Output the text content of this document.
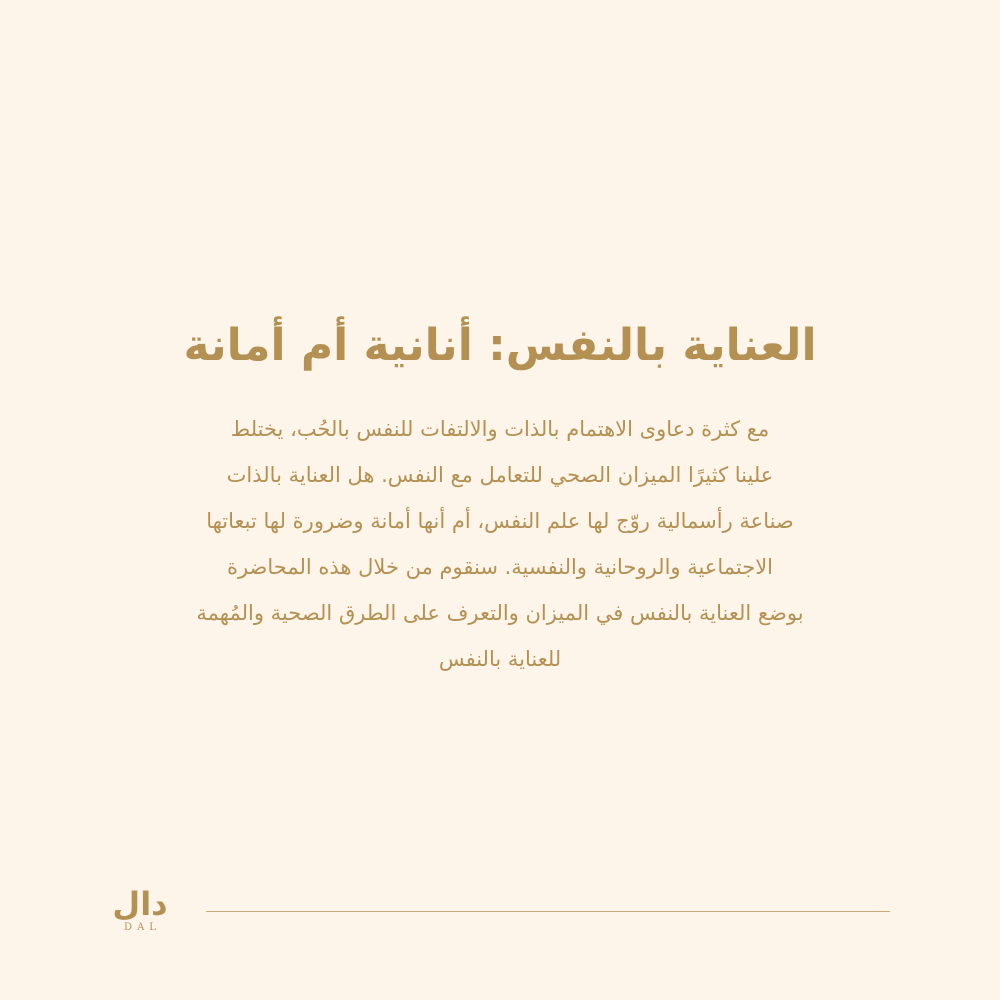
العناية بالنفس: أنانية أم أمانة

مع كثرة دعاوى الاهتمام بالذات والالتفات للنفس بالحُب، يختلط
علينا كثيرًا الميزان الصحي للتعامل مع النفس. هل العناية بالذات
صناعة رأسمالية روّج لها علم النفس، أم أنها أمانة وضرورة لها تبعاتها
الاجتماعية والروحانية والنفسية. سنقوم من خلال هذه المحاضرة
بوضع العناية بالنفس في الميزان والتعرف على الطرق الصحية والمُهمة
للعناية بالنفس

دال
DAL
